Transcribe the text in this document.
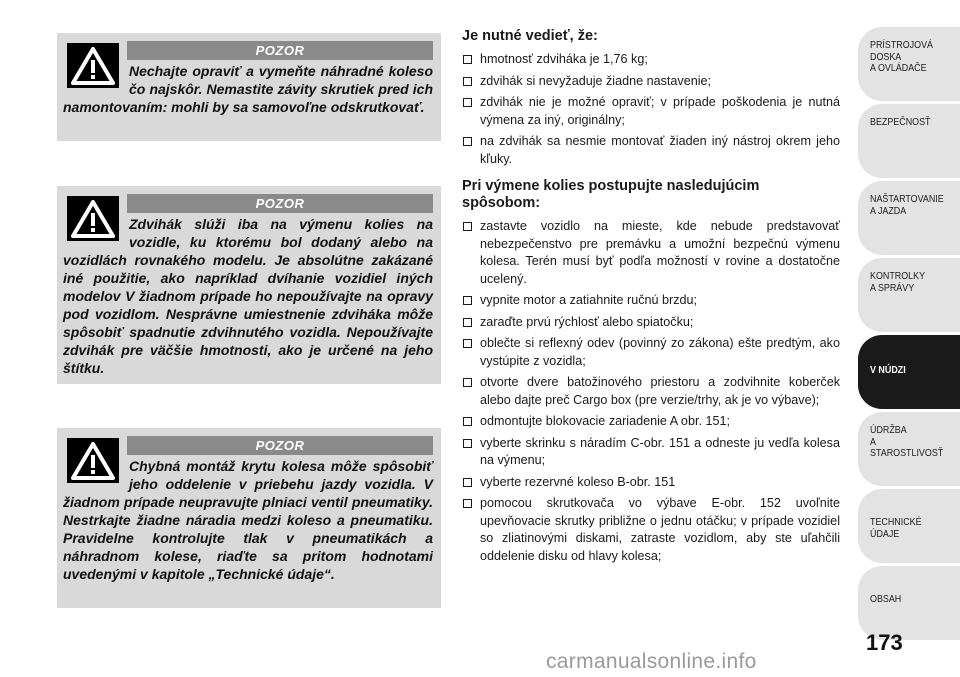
POZOR
Nechajte opraviť a vymeňte náhradné koleso čo najskôr. Nemastite závity skrutiek pred ich namontovaním: mohli by sa samovoľne odskrutkovať.
POZOR
Zdvihák slúži iba na výmenu kolies na vozidle, ku ktorému bol dodaný alebo na vozidlách rovnakého modelu. Je absolútne zakázané iné použitie, ako napríklad dvíhanie vozidiel iných modelov V žiadnom prípade ho nepoužívajte na opravy pod vozidlom. Nesprávne umiestnenie zdviháka môže spôsobiť spadnutie zdvihnutého vozidla. Nepoužívajte zdvihák pre väčšie hmotnosti, ako je určené na jeho štítku.
POZOR
Chybná montáž krytu kolesa môže spôsobiť jeho oddelenie v priebehu jazdy vozidla. V žiadnom prípade neupravujte plniaci ventil pneumatiky. Nestrkajte žiadne náradia medzi koleso a pneumatiku. Pravidelne kontrolujte tlak v pneumatikách a náhradnom kolese, riaďte sa pritom hodnotami uvedenými v kapitole „Technické údaje“.
Je nutné vedieť, že:
hmotnosť zdviháka je 1,76 kg;
zdvihák si nevyžaduje žiadne nastavenie;
zdvihák nie je možné opraviť; v prípade poškodenia je nutná výmena za iný, originálny;
na zdvihák sa nesmie montovať žiaden iný nástroj okrem jeho kľuky.
Pri výmene kolies postupujte nasledujúcim spôsobom:
zastavte vozidlo na mieste, kde nebude predstavovať nebezpečenstvo pre premávku a umožní bezpečnú výmenu kolesa. Terén musí byť podľa možností v rovine a dostatočne ucelený.
vypnite motor a zatiahnite ručnú brzdu;
zaraďte prvú rýchlosť alebo spiatočku;
oblečte si reflexný odev (povinný zo zákona) ešte predtým, ako vystúpite z vozidla;
otvorte dvere batožinového priestoru a zodvihnite koberček alebo dajte preč Cargo box (pre verzie/trhy, ak je vo výbave);
odmontujte blokovacie zariadenie A obr. 151;
vyberte skrinku s náradím C-obr. 151 a odneste ju vedľa kolesa na výmenu;
vyberte rezervné koleso B-obr. 151
pomocou skrutkovača vo výbave E-obr. 152 uvoľnite upevňovacie skrutky približne o jednu otáčku; v prípade vozidiel so zliatinovými diskami, zatraste vozidlom, aby ste uľahčili oddelenie disku od hlavy kolesa;
PRÍSTROJOVÁ
DOSKA
A OVLÁDAČE
BEZPEČNOSŤ
NAŠTARTOVANIE
A JAZDA
KONTROLKY
A SPRÁVY
V NÚDZI
ÚDRŽBA
A STAROSTLIVOSŤ
TECHNICKÉ ÚDAJE
OBSAH
173
carmanualsonline.info
